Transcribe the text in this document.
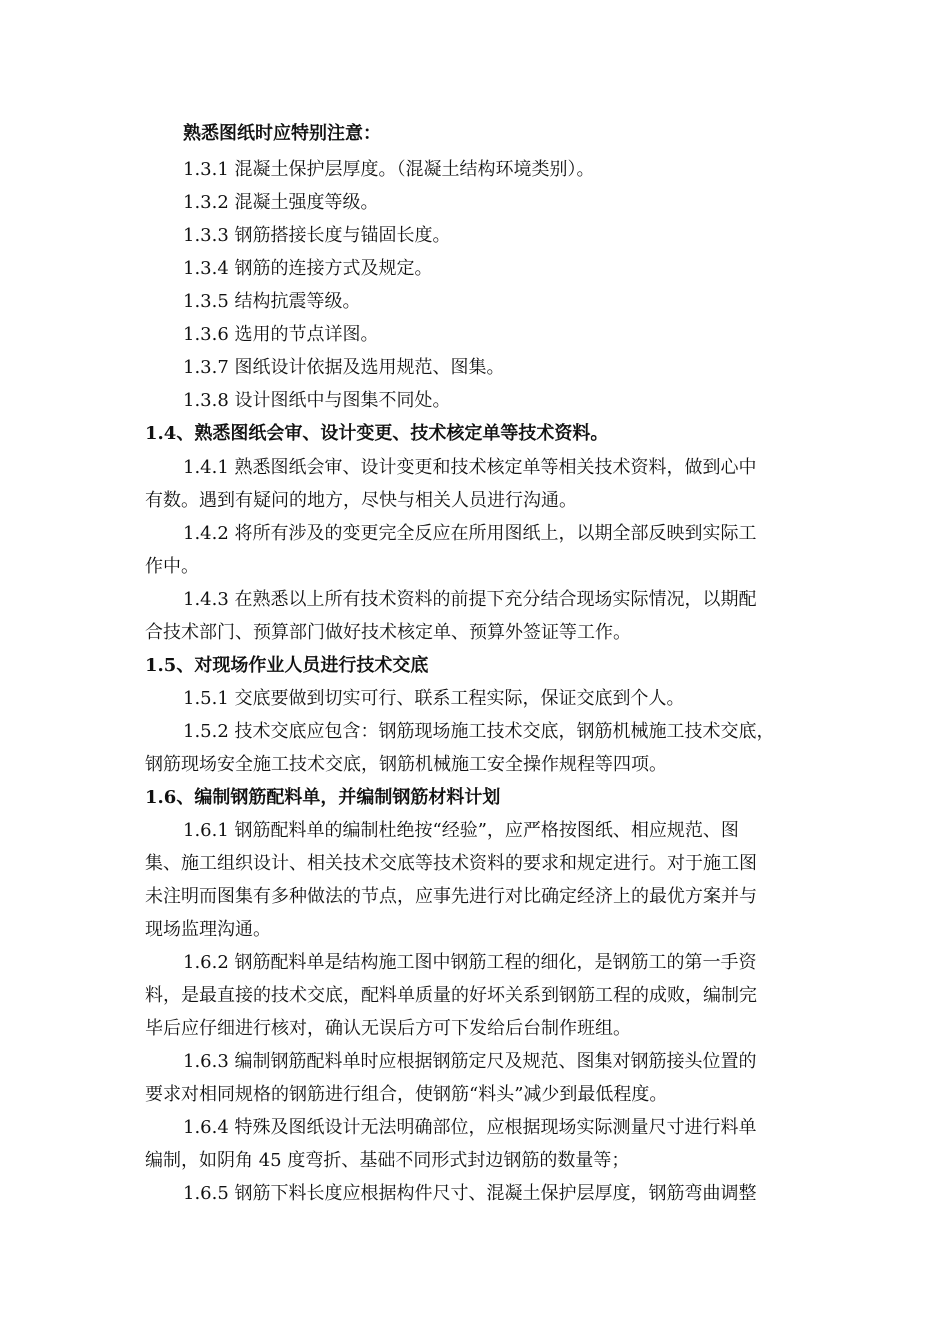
熟悉图纸时应特别注意：
1.3.1 混凝土保护层厚度。（混凝土结构环境类别）。
1.3.2 混凝土强度等级。
1.3.3 钢筋搭接长度与锚固长度。
1.3.4 钢筋的连接方式及规定。
1.3.5 结构抗震等级。
1.3.6 选用的节点详图。
1.3.7 图纸设计依据及选用规范、图集。
1.3.8 设计图纸中与图集不同处。
1.4、熟悉图纸会审、设计变更、技术核定单等技术资料。
1.4.1 熟悉图纸会审、设计变更和技术核定单等相关技术资料，做到心中
有数。遇到有疑问的地方，尽快与相关人员进行沟通。
1.4.2 将所有涉及的变更完全反应在所用图纸上，以期全部反映到实际工
作中。
1.4.3 在熟悉以上所有技术资料的前提下充分结合现场实际情况，以期配
合技术部门、预算部门做好技术核定单、预算外签证等工作。
1.5、对现场作业人员进行技术交底
1.5.1 交底要做到切实可行、联系工程实际，保证交底到个人。
1.5.2 技术交底应包含：钢筋现场施工技术交底，钢筋机械施工技术交底，
钢筋现场安全施工技术交底，钢筋机械施工安全操作规程等四项。
1.6、编制钢筋配料单，并编制钢筋材料计划
1.6.1 钢筋配料单的编制杜绝按“经验”，应严格按图纸、相应规范、图
集、施工组织设计、相关技术交底等技术资料的要求和规定进行。对于施工图
未注明而图集有多种做法的节点，应事先进行对比确定经济上的最优方案并与
现场监理沟通。
1.6.2 钢筋配料单是结构施工图中钢筋工程的细化，是钢筋工的第一手资
料，是最直接的技术交底，配料单质量的好坏关系到钢筋工程的成败，编制完
毕后应仔细进行核对，确认无误后方可下发给后台制作班组。
1.6.3 编制钢筋配料单时应根据钢筋定尺及规范、图集对钢筋接头位置的
要求对相同规格的钢筋进行组合，使钢筋“料头”减少到最低程度。
1.6.4 特殊及图纸设计无法明确部位，应根据现场实际测量尺寸进行料单
编制，如阴角 45 度弯折、基础不同形式封边钢筋的数量等；
1.6.5 钢筋下料长度应根据构件尺寸、混凝土保护层厚度，钢筋弯曲调整
